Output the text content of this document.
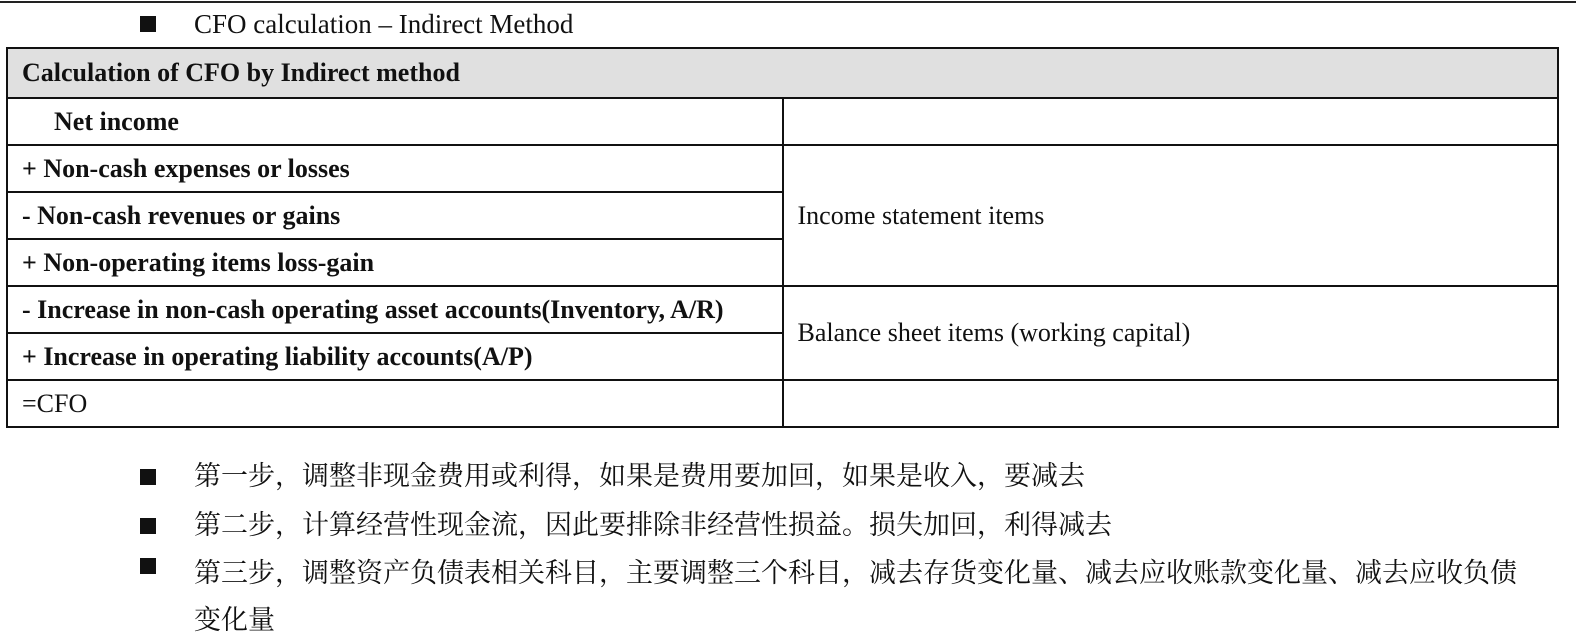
CFO calculation – Indirect Method
Calculation of CFO by Indirect method	
Net income	
+ Non-cash expenses or losses	Income statement items
- Non-cash revenues or gains	
+ Non-operating items loss-gain	
- Increase in non-cash operating asset accounts(Inventory, A/R)	Balance sheet items (working capital)
+ Increase in operating liability accounts(A/P)	
=CFO	
第一步，调整非现金费用或利得，如果是费用要加回，如果是收入，要减去
第二步，计算经营性现金流，因此要排除非经营性损益。损失加回，利得减去
第三步，调整资产负债表相关科目，主要调整三个科目，减去存货变化量、减去应收账款变化量、减去应收负债变化量
